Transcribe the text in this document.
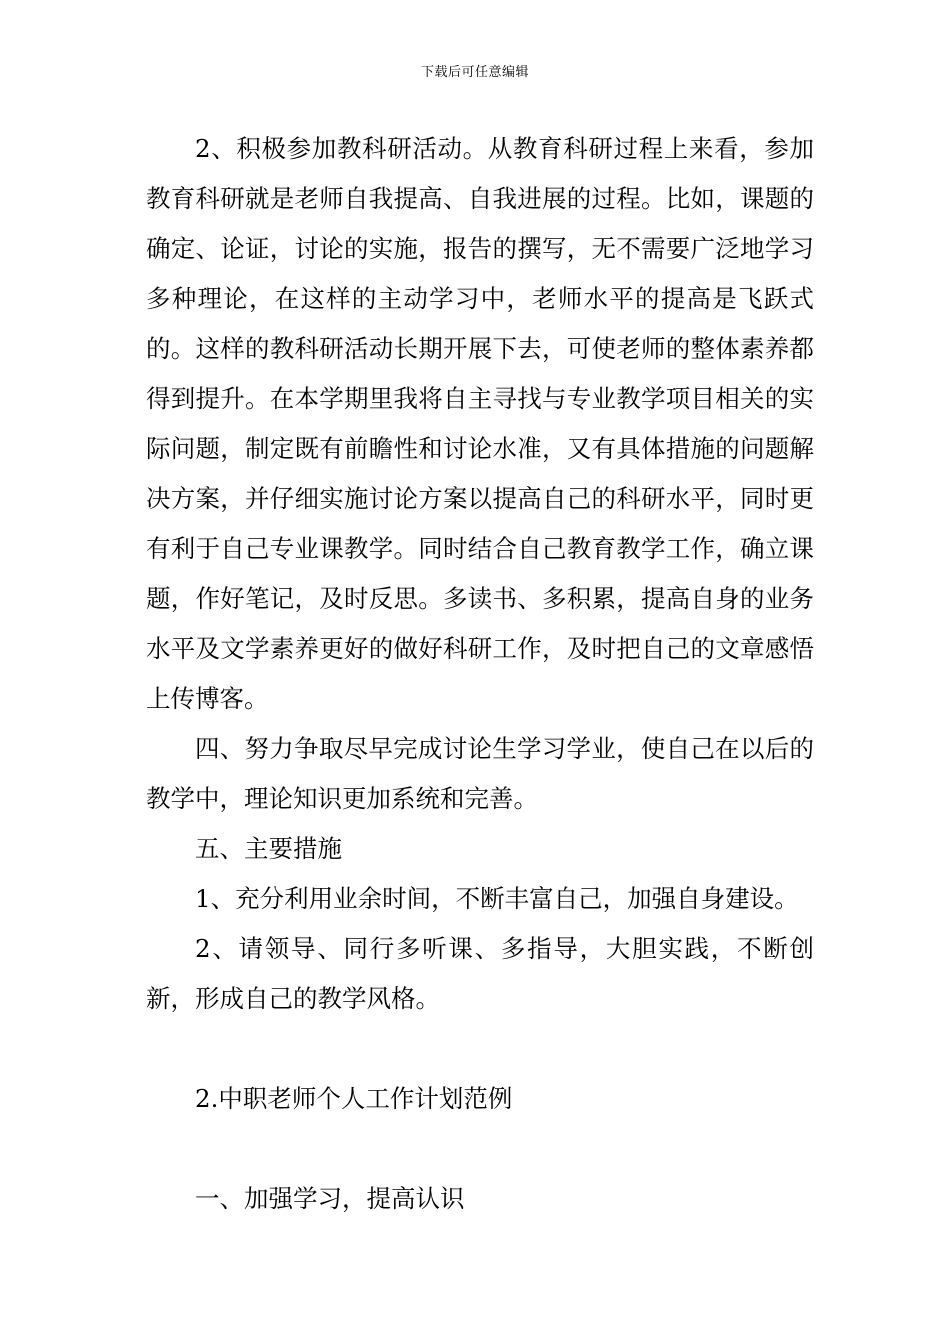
下载后可任意编辑

2、积极参加教科研活动。从教育科研过程上来看，参加教育科研就是老师自我提高、自我进展的过程。比如，课题的确定、论证，讨论的实施，报告的撰写，无不需要广泛地学习多种理论，在这样的主动学习中，老师水平的提高是飞跃式的。这样的教科研活动长期开展下去，可使老师的整体素养都得到提升。在本学期里我将自主寻找与专业教学项目相关的实际问题，制定既有前瞻性和讨论水准，又有具体措施的问题解决方案，并仔细实施讨论方案以提高自己的科研水平，同时更有利于自己专业课教学。同时结合自己教育教学工作，确立课题，作好笔记，及时反思。多读书、多积累，提高自身的业务水平及文学素养更好的做好科研工作，及时把自己的文章感悟上传博客。

四、努力争取尽早完成讨论生学习学业，使自己在以后的教学中，理论知识更加系统和完善。

五、主要措施

1、充分利用业余时间，不断丰富自己，加强自身建设。

2、请领导、同行多听课、多指导，大胆实践，不断创新，形成自己的教学风格。

2.中职老师个人工作计划范例

一、加强学习，提高认识
